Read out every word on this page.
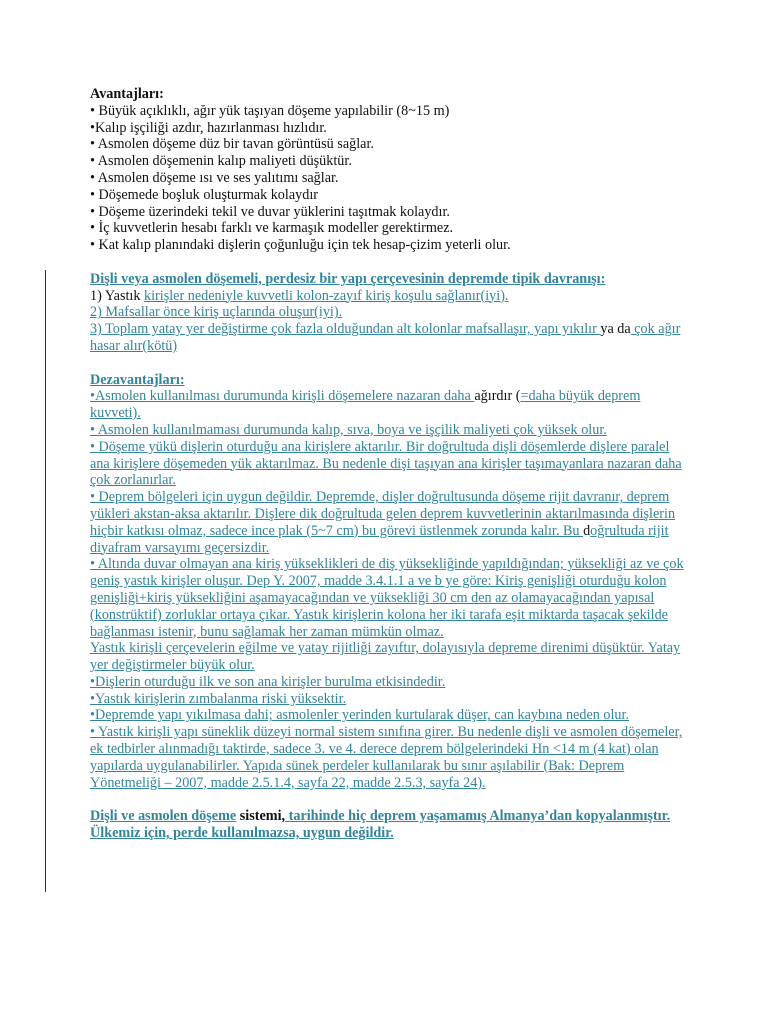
Avantajları:

• Büyük açıklıklı, ağır yük taşıyan döşeme yapılabilir (8~15 m)

•Kalıp işçiliği azdır, hazırlanması hızlıdır.

• Asmolen döşeme düz bir tavan görüntüsü sağlar.

• Asmolen döşemenin kalıp maliyeti düşüktür.

• Asmolen döşeme ısı ve ses yalıtımı sağlar.

• Döşemede boşluk oluşturmak kolaydır

• Döşeme üzerindeki tekil ve duvar yüklerini taşıtmak kolaydır.

• İç kuvvetlerin hesabı farklı ve karmaşık modeller gerektirmez.

• Kat kalıp planındaki dişlerin çoğunluğu için tek hesap-çizim yeterli olur.

Dişli veya asmolen döşemeli, perdesiz bir yapı çerçevesinin depremde tipik davranışı:

1) Yastık kirişler nedeniyle kuvvetli kolon-zayıf kiriş koşulu sağlanır(iyi).

2) Mafsallar önce kiriş uçlarında oluşur(iyi).

3) Toplam yatay yer değiştirme çok fazla olduğundan alt kolonlar mafsallaşır, yapı yıkılır ya da çok ağır hasar alır(kötü)

Dezavantajları:

•Asmolen kullanılması durumunda kirişli döşemelere nazaran daha ağırdır (=daha büyük deprem kuvveti).

• Asmolen kullanılmaması durumunda kalıp, sıva, boya ve işçilik maliyeti çok yüksek olur.

• Döşeme yükü dişlerin oturduğu ana kirişlere aktarılır. Bir doğrultuda dişli döşemlerde dişlere paralel ana kirişlere döşemeden yük aktarılmaz. Bu nedenle dişi taşıyan ana kirişler taşımayanlara nazaran daha çok zorlanırlar.

• Deprem bölgeleri için uygun değildir. Depremde, dişler doğrultusunda döşeme rijit davranır, deprem yükleri akstan-aksa aktarılır. Dişlere dik doğrultuda gelen deprem kuvvetlerinin aktarılmasında dişlerin hiçbir katkısı olmaz, sadece ince plak (5~7 cm) bu görevi üstlenmek zorunda kalır. Bu doğrultuda rijit diyafram varsayımı geçersizdir.

• Altında duvar olmayan ana kiriş yükseklikleri de diş yüksekliğinde yapıldığından; yüksekliği az ve çok geniş yastık kirişler oluşur. Dep Y. 2007, madde 3.4.1.1 a ve b ye göre: Kiriş genişliği oturduğu kolon genişliği+kiriş yüksekliğini aşamayacağından ve yüksekliği 30 cm den az olamayacağından yapısal (konstrüktif) zorluklar ortaya çıkar. Yastık kirişlerin kolona her iki tarafa eşit miktarda taşacak şekilde bağlanması istenir, bunu sağlamak her zaman mümkün olmaz.

Yastık kirişli çerçevelerin eğilme ve yatay rijitliği zayıftır, dolayısıyla depreme direnimi düşüktür. Yatay yer değiştirmeler büyük olur.

•Dişlerin oturduğu ilk ve son ana kirişler burulma etkisindedir.

•Yastık kirişlerin zımbalanma riski yüksektir.

•Depremde yapı yıkılmasa dahi; asmolenler yerinden kurtularak düşer, can kaybına neden olur.

• Yastık kirişli yapı süneklik düzeyi normal sistem sınıfına girer. Bu nedenle dişli ve asmolen döşemeler, ek tedbirler alınmadığı taktirde, sadece 3. ve 4. derece deprem bölgelerindeki Hn <14 m (4 kat) olan yapılarda uygulanabilirler. Yapıda sünek perdeler kullanılarak bu sınır aşılabilir (Bak: Deprem Yönetmeliği – 2007, madde 2.5.1.4, sayfa 22, madde 2.5.3, sayfa 24).

Dişli ve asmolen döşeme sistemi, tarihinde hiç deprem yaşamamış Almanya’dan kopyalanmıştır. Ülkemiz için, perde kullanılmazsa, uygun değildir.
